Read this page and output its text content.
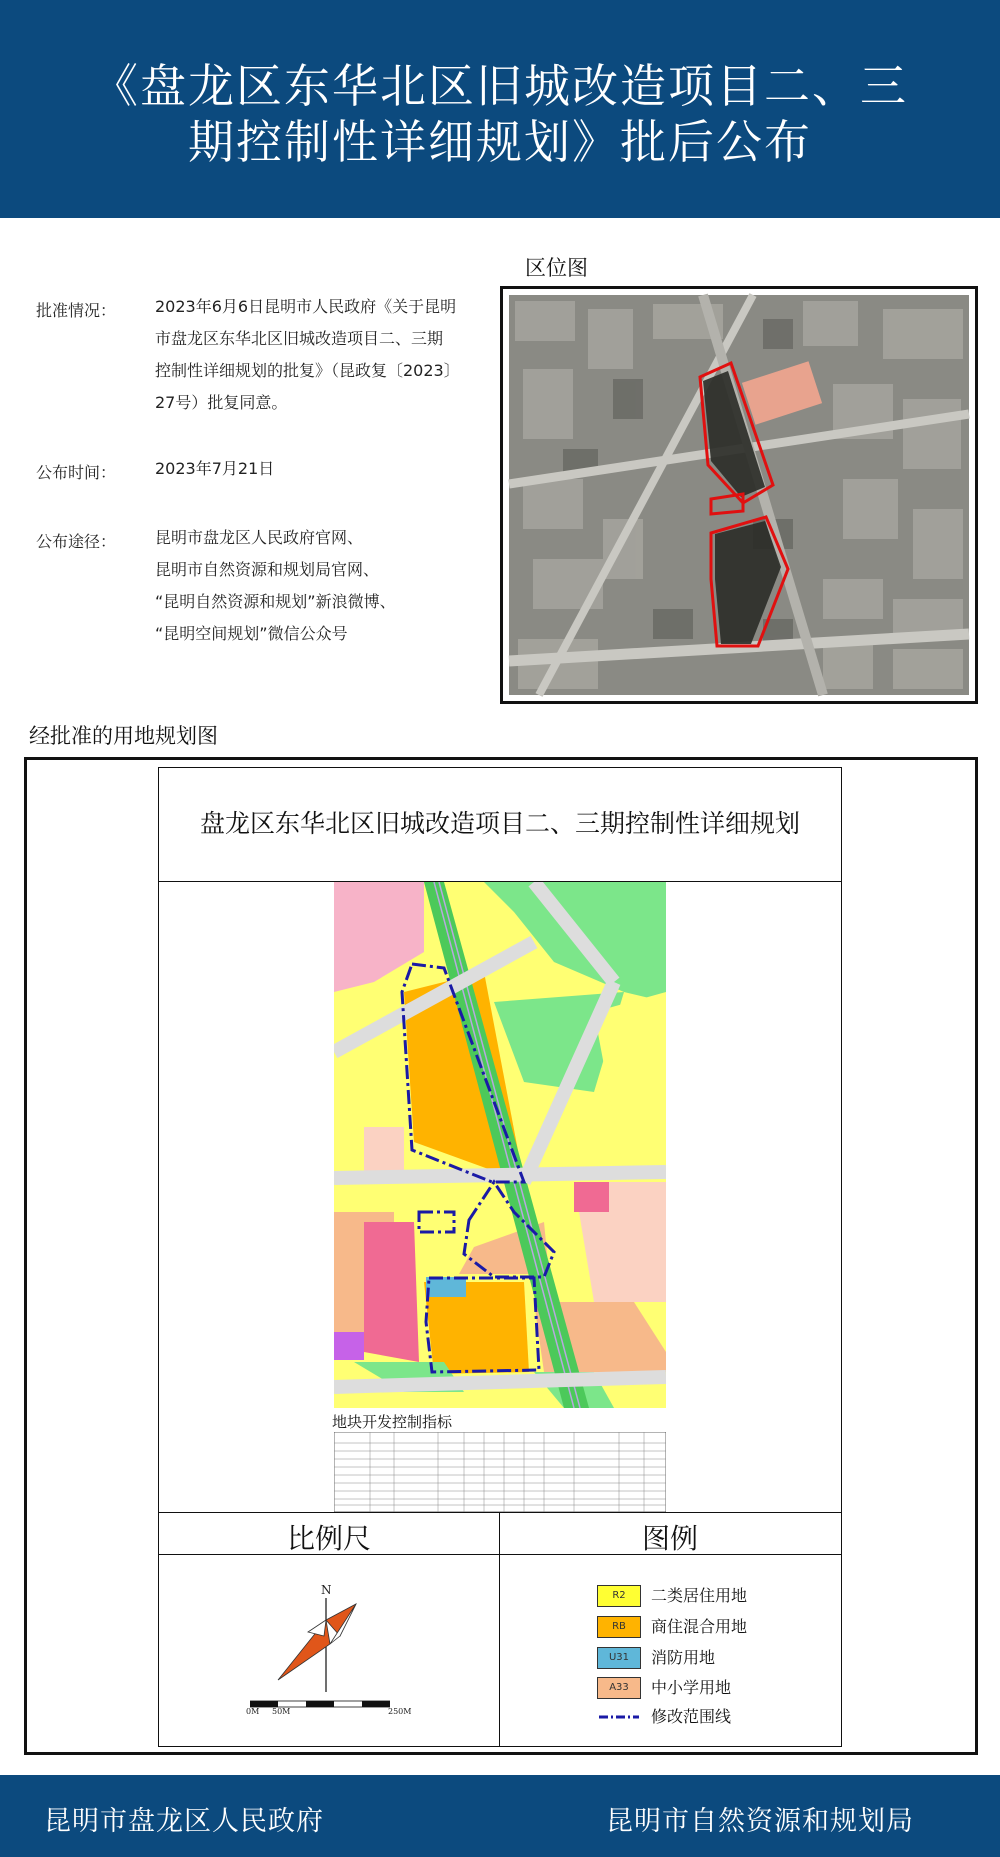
《盘龙区东华北区旧城改造项目二、三
期控制性详细规划》批后公布
批准情况： 2023年6月6日昆明市人民政府《关于昆明
市盘龙区东华北区旧城改造项目二、三期
控制性详细规划的批复》（昆政复〔2023〕
27号）批复同意。
公布时间： 2023年7月21日
公布途径： 昆明市盘龙区人民政府官网、
昆明市自然资源和规划局官网、
“昆明自然资源和规划”新浪微博、
“昆明空间规划”微信公众号
区位图
经批准的用地规划图
盘龙区东华北区旧城改造项目二、三期控制性详细规划
地块开发控制指标
比例尺	图例
N
0M 50M	250M
R2	二类居住用地
RB	商住混合用地
U31	消防用地
A33	中小学用地
修改范围线
昆明市盘龙区人民政府	昆明市自然资源和规划局
